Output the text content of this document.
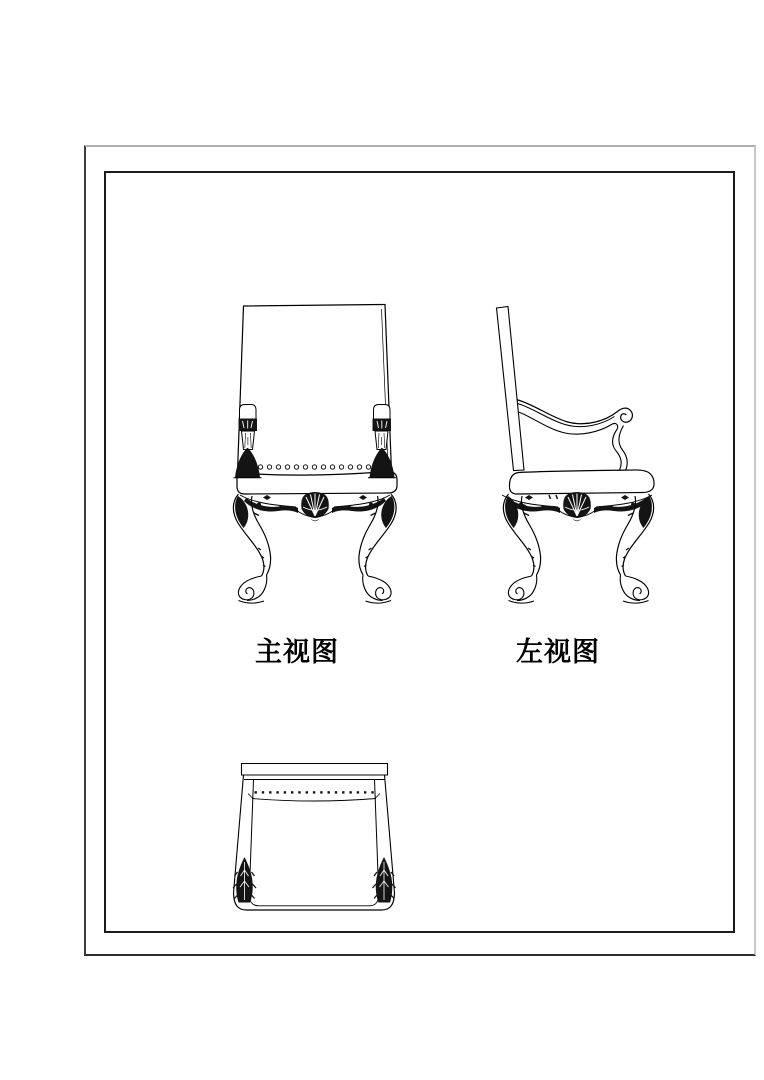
主视图	左视图
